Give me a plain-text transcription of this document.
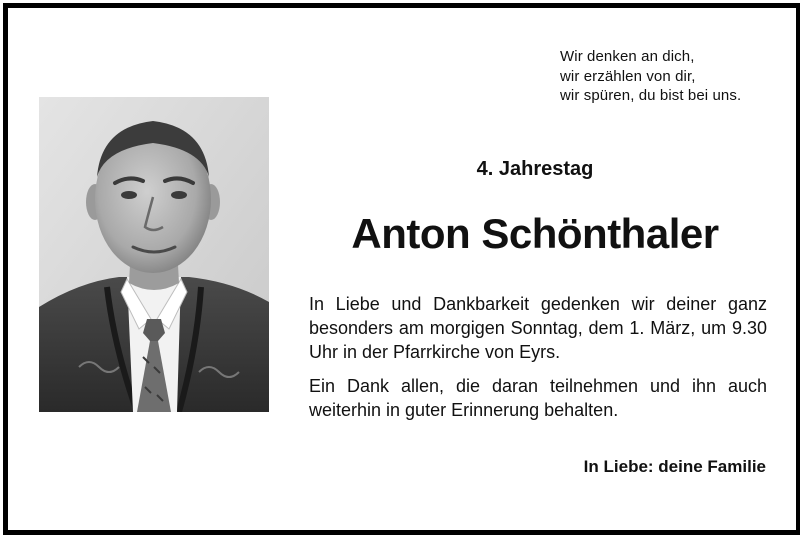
Wir denken an dich,
wir erzählen von dir,
wir spüren, du bist bei uns.
4. Jahrestag
Anton Schönthaler
In Liebe und Dankbarkeit gedenken wir deiner ganz besonders am morgigen Sonntag, dem 1. März, um 9.30 Uhr in der Pfarrkirche von Eyrs.
Ein Dank allen, die daran teilnehmen und ihn auch weiterhin in guter Erinnerung behalten.
In Liebe: deine Familie
